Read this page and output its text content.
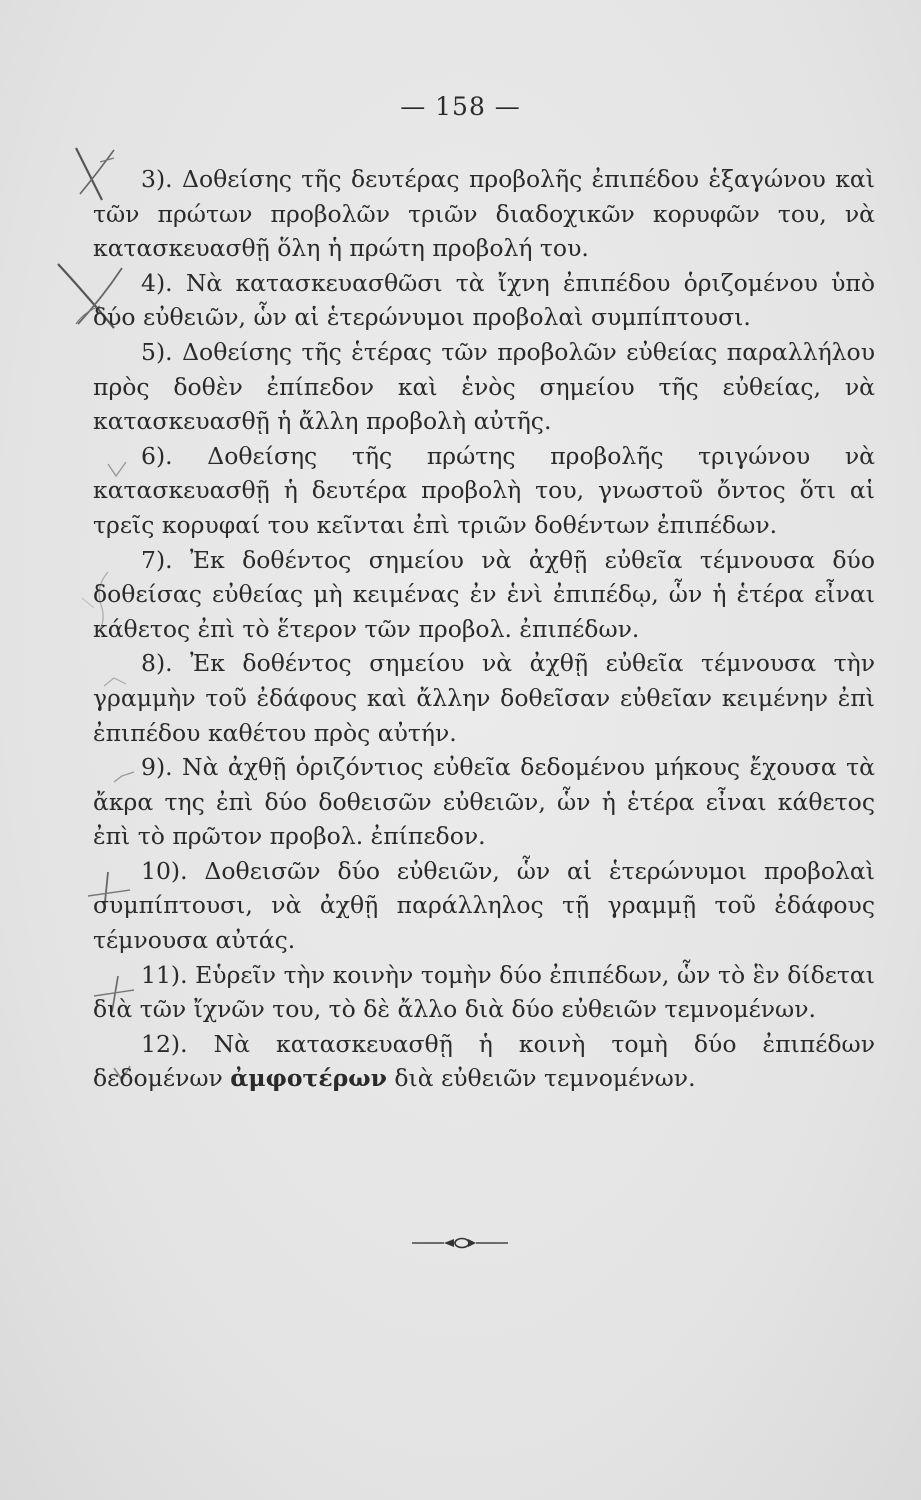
— 158 —

3). Δοθείσης τῆς δευτέρας προβολῆς ἐπιπέδου ἑξαγώνου καὶ τῶν πρώτων προβολῶν τριῶν διαδοχικῶν κορυφῶν του, νὰ κατασκευασθῇ ὅλη ἡ πρώτη προβολή του.

4). Νὰ κατασκευασθῶσι τὰ ἴχνη ἐπιπέδου ὁριζομένου ὑπὸ δύο εὐθειῶν, ὧν αἱ ἑτερώνυμοι προβολαὶ συμπίπτουσι.

5). Δοθείσης τῆς ἑτέρας τῶν προβολῶν εὐθείας παραλλήλου πρὸς δοθὲν ἐπίπεδον καὶ ἑνὸς σημείου τῆς εὐθείας, νὰ κατασκευασθῇ ἡ ἄλλη προβολὴ αὐτῆς.

6). Δοθείσης τῆς πρώτης προβολῆς τριγώνου νὰ κατασκευασθῇ ἡ δευτέρα προβολὴ του, γνωστοῦ ὄντος ὅτι αἱ τρεῖς κορυφαί του κεῖνται ἐπὶ τριῶν δοθέντων ἐπιπέδων.

7). Ἐκ δοθέντος σημείου νὰ ἀχθῇ εὐθεῖα τέμνουσα δύο δοθείσας εὐθείας μὴ κειμένας ἐν ἑνὶ ἐπιπέδῳ, ὧν ἡ ἑτέρα εἶναι κάθετος ἐπὶ τὸ ἕτερον τῶν προβολ. ἐπιπέδων.

8). Ἐκ δοθέντος σημείου νὰ ἀχθῇ εὐθεῖα τέμνουσα τὴν γραμμὴν τοῦ ἐδάφους καὶ ἄλλην δοθεῖσαν εὐθεῖαν κειμένην ἐπὶ ἐπιπέδου καθέτου πρὸς αὐτήν.

9). Νὰ ἀχθῇ ὁριζόντιος εὐθεῖα δεδομένου μήκους ἔχουσα τὰ ἄκρα της ἐπὶ δύο δοθεισῶν εὐθειῶν, ὧν ἡ ἑτέρα εἶναι κάθετος ἐπὶ τὸ πρῶτον προβολ. ἐπίπεδον.

10). Δοθεισῶν δύο εὐθειῶν, ὧν αἱ ἑτερώνυμοι προβολαὶ συμπίπτουσι, νὰ ἀχθῇ παράλληλος τῇ γραμμῇ τοῦ ἐδάφους τέμνουσα αὐτάς.

11). Εὑρεῖν τὴν κοινὴν τομὴν δύο ἐπιπέδων, ὧν τὸ ἓν δίδεται διὰ τῶν ἴχνῶν του, τὸ δὲ ἄλλο διὰ δύο εὐθειῶν τεμνομένων.

12). Νὰ κατασκευασθῇ ἡ κοινὴ τομὴ δύο ἐπιπέδων δεδομένων ἀμφοτέρων διὰ εὐθειῶν τεμνομένων.
